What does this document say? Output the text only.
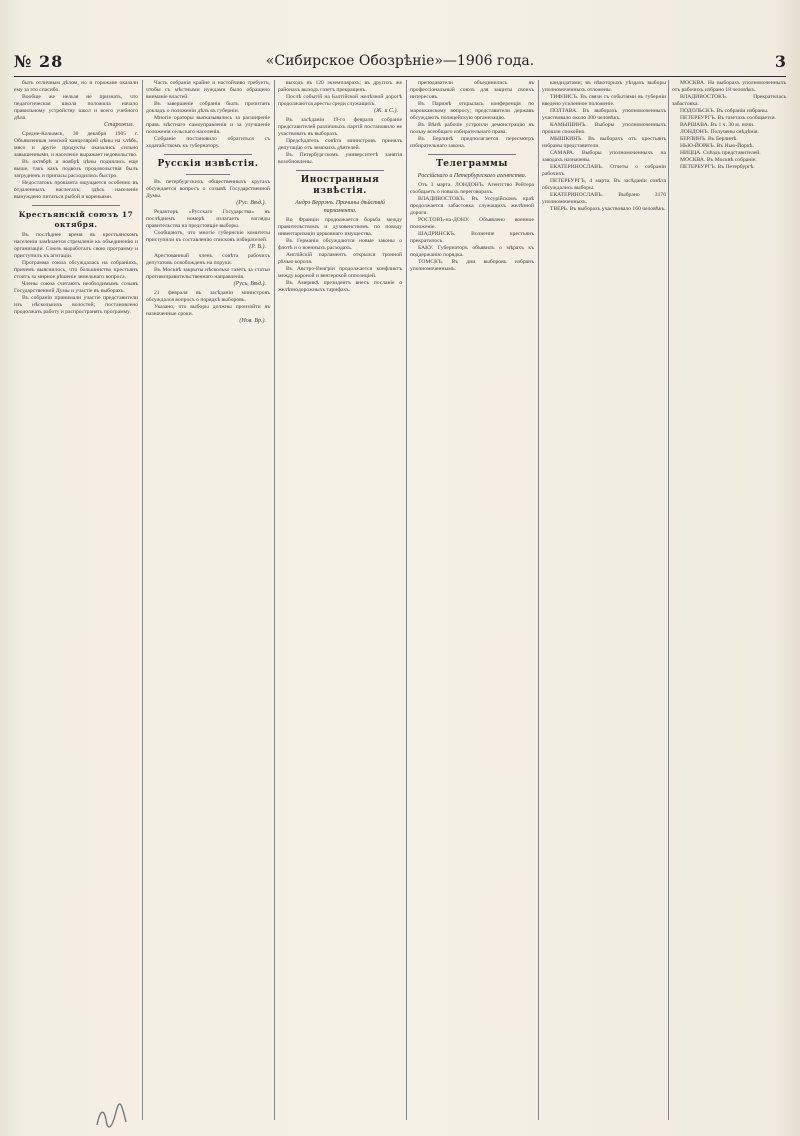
№ 28	«Сибирское Обозрѣніе»—1906 года.	3

быть отличным дѣлом, но и горожане оказали ему за это спасибо.

Вообще же нельзя не признать, что педагогическая школа положила начало правильному устройству школ и всего учебного дѣла.

Старожил.

Средне-Колымск, 30 декабря 1905 г. Объявленныя земской канцеляріей цѣны на хлѣбъ, мясо и другіе продукты оказались сильно завышенными, и населеніе выражает недовольство.

Въ октябрѣ и ноябрѣ цѣны поднялись еще выше, такъ какъ подвозъ продовольствія былъ затрудненъ и припасы расходились быстро.

Недостатокъ провіанта ощущается особенно въ отдаленныхъ наслегахъ; здѣсь населеніе вынуждено питаться рыбой и кореньями.

Крестьянскій союзъ 17 октября.

Въ послѣднее время въ крестьянскомъ населеніи замѣчается стремленіе къ объединенію и организаціи. Союзъ выработалъ свою программу и приступилъ къ агитаціи.

Программа союза обсуждалась на собраніяхъ, причемъ выяснилось, что большинство крестьянъ стоитъ за мирное рѣшеніе земельнаго вопроса.

Члены союза считаютъ необходимымъ созывъ Государственной Думы и участіе въ выборахъ.

Въ собраніи принимали участіе представители изъ нѣсколькихъ волостей; постановлено продолжать работу и распространять программу.

Часть собранія крайне и настойчиво требуетъ, чтобы съ мѣстными нуждами было обращено вниманіе властей.

Въ завершеніе собранія былъ прочитанъ докладъ о положеніи дѣлъ въ губерніи.

Многіе ораторы высказывались за расширеніе правъ мѣстнаго самоуправленія и за улучшеніе положенія сельскаго населенія.

Собраніе постановило обратиться съ ходатайствомъ къ губернатору.

Русскія извѣстія.

Въ петербургскихъ общественныхъ кругахъ обсуждается вопросъ о созывѣ Государственной Думы.

(Рус. Вѣд.).

Редакторъ «Русскаго Государства» въ послѣднемъ номерѣ излагаетъ взгляды правительства на предстоящіе выборы.

Сообщаютъ, что многіе губернскіе комитеты приступили къ составленію списковъ избирателей.

(Р. В.).

Арестованный членъ совѣта рабочихъ депутатовъ освобожденъ на поруки.

Въ Москвѣ закрыты нѣсколько газетъ за статьи противоправительственнаго направленія.

(Русь, Вѣд.).

21 февраля въ засѣданіи министровъ обсуждался вопросъ о порядкѣ выборовъ.

Указано, что выборы должны произойти въ назначенные сроки.

(Нов. Вр.).

выходъ въ 120 экземплярахъ; въ другихъ же районахъ выходъ газетъ прекращенъ.

Послѣ событій на Балтійской желѣзной дорогѣ продолжаются аресты среди служащихъ.

(Ж. и С.).

Въ засѣданіи 19-го февраля собраніе представителей различныхъ партій постановило не участвовать въ выборахъ.

Предсѣдатель совѣта министровъ принялъ депутацію отъ земскихъ дѣятелей.

Въ Петербургскомъ университетѣ занятія возобновлены.

Иностранныя извѣстія.
Андрэ Веррэнъ. Причины дѣйствій парламента.

Во Франціи продолжается борьба между правительствомъ и духовенствомъ по поводу инвентаризаціи церковнаго имущества.

Въ Германіи обсуждаются новые законы о флотѣ и о военныхъ расходахъ.

Англійскій парламентъ открылся тронной рѣчью короля.

Въ Австро-Венгріи продолжается конфликтъ между короной и венгерской оппозиціей.

Въ Америкѣ президентъ внесъ посланіе о желѣзнодорожныхъ тарифахъ.

преподаватели объединились въ профессіональный союзъ для защиты своихъ интересовъ.

Въ Парижѣ открылась конференція по марокканскому вопросу; представители державъ обсуждаютъ полицейскую организацію.

Въ Вѣнѣ рабочіе устроили демонстрацію въ пользу всеобщаго избирательнаго права.

Въ Берлинѣ предполагается пересмотръ избирательнаго закона.

Телеграммы
Россійскаго и Петербургскаго агентства.

Отъ 3 марта. ЛОНДОНЪ. Агентство Рейтера сообщаетъ о новыхъ переговорахъ.

ВЛАДИВОСТОКЪ. Въ Уссурійскомъ краѣ продолжается забастовка служащихъ желѣзной дороги.

РОСТОВЪ-на-ДОНУ. Объявлено военное положеніе.

ШАДРИНСКЪ. Волнение крестьянъ прекратилось.

БАКУ. Губернаторъ объявилъ о мѣрахъ къ поддержанію порядка.

ТОМСКЪ. Въ дни выборовъ избранъ уполномоченнымъ.

кандидатами; въ нѣкоторыхъ уѣздахъ выборы уполномоченныхъ отложены.

ТИФЛИСЪ. Въ связи съ событіями въ губерніи введено усиленное положеніе.

ПОЛТАВА. Въ выборахъ уполномоченныхъ участвовало около 300 человѣкъ.

КАМЫШИНЪ. Выборы уполномоченныхъ прошли спокойно.

МЫШКИНЪ. Въ выборахъ отъ крестьянъ избраны представители.

САМАРА. Выборы уполномоченныхъ на заводахъ назначены.

ЕКАТЕРИНОСЛАВЪ. Отчеты о собраніи рабочихъ.

ПЕТЕРБУРГЪ, 4 марта. Въ засѣданіи совѣта обсуждались выборы.

ЕКАТЕРИНОСЛАВЪ. Выбрано 3176 уполномоченныхъ.

ТВЕРЬ. Въ выборахъ участвовало 160 человѣкъ.

МОСКВА. На выборахъ уполномоченныхъ отъ рабочихъ избрано 18 человѣкъ.

ВЛАДИВОСТОКЪ. Прекратилась забастовка.

ПОДОЛЬСКЪ. Въ собраніи избраны.

ПЕТЕРБУРГЪ. Въ газетахъ сообщается.

ВАРШАВА. Въ 1 ч. 30 м. ночи.

ЛОНДОНЪ. Получены свѣдѣнія.

БЕРЛИНЪ. Въ Берлинѣ.

НЬЮ-ЙОРКЪ. Въ Нью-Йоркѣ.

НИЦЦА. Съѣздъ представителей.

МОСКВА. Въ Москвѣ собраніе.

ПЕТЕРБУРГЪ. Въ Петербургѣ.
